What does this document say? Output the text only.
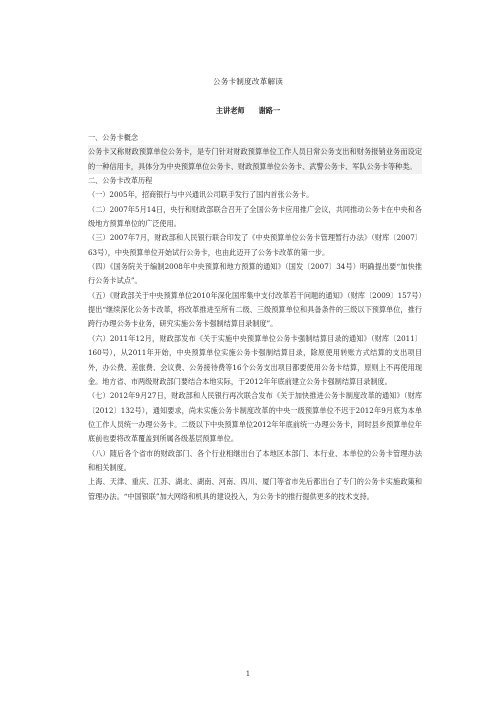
公务卡制度改革解读
主讲老师 谢路一

一、公务卡概念

公务卡又称财政预算单位公务卡，是专门针对财政预算单位工作人员日常公务支出和财务报销业务而设定的一种信用卡，具体分为中央预算单位公务卡、财政预算单位公务卡、武警公务卡、军队公务卡等种类。

二、公务卡改革历程

（一）2005年，招商银行与中兴通讯公司联手发行了国内首张公务卡。

（二）2007年5月14日，央行和财政部联合召开了全国公务卡应用推广会议，共同推动公务卡在中央和各级地方预算单位的广泛使用。

（三）2007年7月，财政部和人民银行联合印发了《中央预算单位公务卡管理暂行办法》（财库〔2007〕63号），中央预算单位开始试行公务卡，也由此迈开了公务卡改革的第一步。

（四）《国务院关于编制2008年中央预算和地方预算的通知》（国发〔2007〕34号）明确提出要“加快推行公务卡试点”。

（五）《财政部关于中央预算单位2010年深化国库集中支付改革若干问题的通知》（财库〔2009〕157号）提出“继续深化公务卡改革，将改革推进至所有二级、三级预算单位和具备条件的三级以下预算单位，推行跨行办理公务卡业务，研究实施公务卡强制结算目录制度”。

（六）2011年12月，财政部发布《关于实施中央预算单位公务卡强制结算目录的通知》（财库〔2011〕160号），从2011年开始，中央预算单位实施公务卡强制结算目录，除原使用转账方式结算的支出项目外，办公费、差旅费、会议费、公务接待费等16个公务支出项目都要使用公务卡结算，原则上不再使用现金。地方省、市两级财政部门要结合本地实际，于2012年年底前建立公务卡强制结算目录制度。

（七）2012年9月27日，财政部和人民银行再次联合发布《关于加快推进公务卡制度改革的通知》（财库〔2012〕132号），通知要求，尚未实施公务卡制度改革的中央一级预算单位不迟于2012年9月底为本单位工作人员统一办理公务卡。二级以下中央预算单位2012年年底前统一办理公务卡，同时县乡预算单位年底前也要将改革覆盖到所属各级基层预算单位。

（八）随后各个省市的财政部门、各个行业相继出台了本地区本部门、本行业、本单位的公务卡管理办法和相关制度。

上海、天津、重庆、江苏、湖北、湖南、河南、四川、厦门等省市先后都出台了专门的公务卡实施政策和管理办法。“中国银联”加大网络和机具的建设投入，为公务卡的推行提供更多的技术支持。

1
